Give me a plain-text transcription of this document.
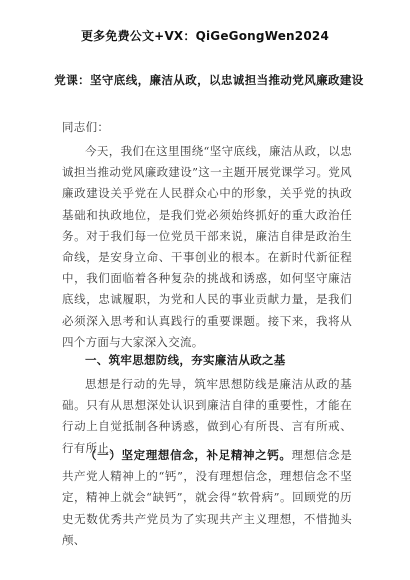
更多免费公文+VX：QiGeGongWen2024
党课：坚守底线，廉洁从政，以忠诚担当推动党风廉政建设
同志们：
今天，我们在这里围绕“坚守底线，廉洁从政，以忠诚担当推动党风廉政建设”这一主题开展党课学习。党风廉政建设关乎党在人民群众心中的形象，关乎党的执政基础和执政地位，是我们党必须始终抓好的重大政治任务。对于我们每一位党员干部来说，廉洁自律是政治生命线，是安身立命、干事创业的根本。在新时代新征程中，我们面临着各种复杂的挑战和诱惑，如何坚守廉洁底线，忠诚履职，为党和人民的事业贡献力量，是我们必须深入思考和认真践行的重要课题。接下来，我将从四个方面与大家深入交流。
一、筑牢思想防线，夯实廉洁从政之基
思想是行动的先导，筑牢思想防线是廉洁从政的基础。只有从思想深处认识到廉洁自律的重要性，才能在行动上自觉抵制各种诱惑，做到心有所畏、言有所戒、行有所止。
（一）坚定理想信念，补足精神之钙。理想信念是共产党人精神上的“钙”，没有理想信念，理想信念不坚定，精神上就会“缺钙”，就会得“软骨病”。回顾党的历史无数优秀共产党员为了实现共产主义理想，不惜抛头颅、
